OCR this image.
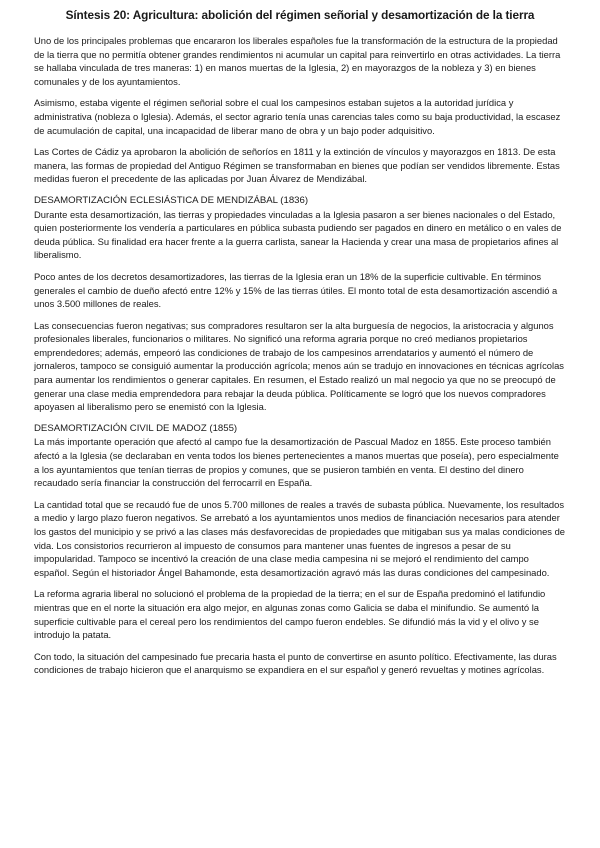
Síntesis 20: Agricultura: abolición del régimen señorial y desamortización de la tierra

Uno de los principales problemas que encararon los liberales españoles fue la transformación de la estructura de la propiedad de la tierra que no permitía obtener grandes rendimientos ni acumular un capital para reinvertirlo en otras actividades. La tierra se hallaba vinculada de tres maneras: 1) en manos muertas de la Iglesia, 2) en mayorazgos de la nobleza y 3) en bienes comunales y de los ayuntamientos.

Asimismo, estaba vigente el régimen señorial sobre el cual los campesinos estaban sujetos a la autoridad jurídica y administrativa (nobleza o Iglesia). Además, el sector agrario tenía unas carencias tales como su baja productividad, la escasez de acumulación de capital, una incapacidad de liberar mano de obra y un bajo poder adquisitivo.

Las Cortes de Cádiz ya aprobaron la abolición de señoríos en 1811 y la extinción de vínculos y mayorazgos en 1813. De esta manera, las formas de propiedad del Antiguo Régimen se transformaban en bienes que podían ser vendidos libremente. Estas medidas fueron el precedente de las aplicadas por Juan Álvarez de Mendizábal.

DESAMORTIZACIÓN ECLESIÁSTICA DE MENDIZÁBAL (1836)

Durante esta desamortización, las tierras y propiedades vinculadas a la Iglesia pasaron a ser bienes nacionales o del Estado, quien posteriormente los vendería a particulares en pública subasta pudiendo ser pagados en dinero en metálico o en vales de deuda pública. Su finalidad era hacer frente a la guerra carlista, sanear la Hacienda y crear una masa de propietarios afines al liberalismo.

Poco antes de los decretos desamortizadores, las tierras de la Iglesia eran un 18% de la superficie cultivable. En términos generales el cambio de dueño afectó entre 12% y 15% de las tierras útiles. El monto total de esta desamortización ascendió a unos 3.500 millones de reales.

Las consecuencias fueron negativas; sus compradores resultaron ser la alta burguesía de negocios, la aristocracia y algunos profesionales liberales, funcionarios o militares. No significó una reforma agraria porque no creó medianos propietarios emprendedores; además, empeoró las condiciones de trabajo de los campesinos arrendatarios y aumentó el número de jornaleros, tampoco se consiguió aumentar la producción agrícola; menos aún se tradujo en innovaciones en técnicas agrícolas para aumentar los rendimientos o generar capitales. En resumen, el Estado realizó un mal negocio ya que no se preocupó de generar una clase media emprendedora para rebajar la deuda pública. Políticamente se logró que los nuevos compradores apoyasen al liberalismo pero se enemistó con la Iglesia.

DESAMORTIZACIÓN CIVIL DE MADOZ (1855)

La más importante operación que afectó al campo fue la desamortización de Pascual Madoz en 1855. Este proceso también afectó a la Iglesia (se declaraban en venta todos los bienes pertenecientes a manos muertas que poseía), pero especialmente a los ayuntamientos que tenían tierras de propios y comunes, que se pusieron también en venta. El destino del dinero recaudado sería financiar la construcción del ferrocarril en España.

La cantidad total que se recaudó fue de unos 5.700 millones de reales a través de subasta pública. Nuevamente, los resultados a medio y largo plazo fueron negativos. Se arrebató a los ayuntamientos unos medios de financiación necesarios para atender los gastos del municipio y se privó a las clases más desfavorecidas de propiedades que mitigaban sus ya malas condiciones de vida. Los consistorios recurrieron al impuesto de consumos para mantener unas fuentes de ingresos a pesar de su impopularidad. Tampoco se incentivó la creación de una clase media campesina ni se mejoró el rendimiento del campo español. Según el historiador Ángel Bahamonde, esta desamortización agravó más las duras condiciones del campesinado.

La reforma agraria liberal no solucionó el problema de la propiedad de la tierra; en el sur de España predominó el latifundio mientras que en el norte la situación era algo mejor, en algunas zonas como Galicia se daba el minifundio. Se aumentó la superficie cultivable para el cereal pero los rendimientos del campo fueron endebles. Se difundió más la vid y el olivo y se introdujo la patata.

Con todo, la situación del campesinado fue precaria hasta el punto de convertirse en asunto político. Efectivamente, las duras condiciones de trabajo hicieron que el anarquismo se expandiera en el sur español y generó revueltas y motines agrícolas.
